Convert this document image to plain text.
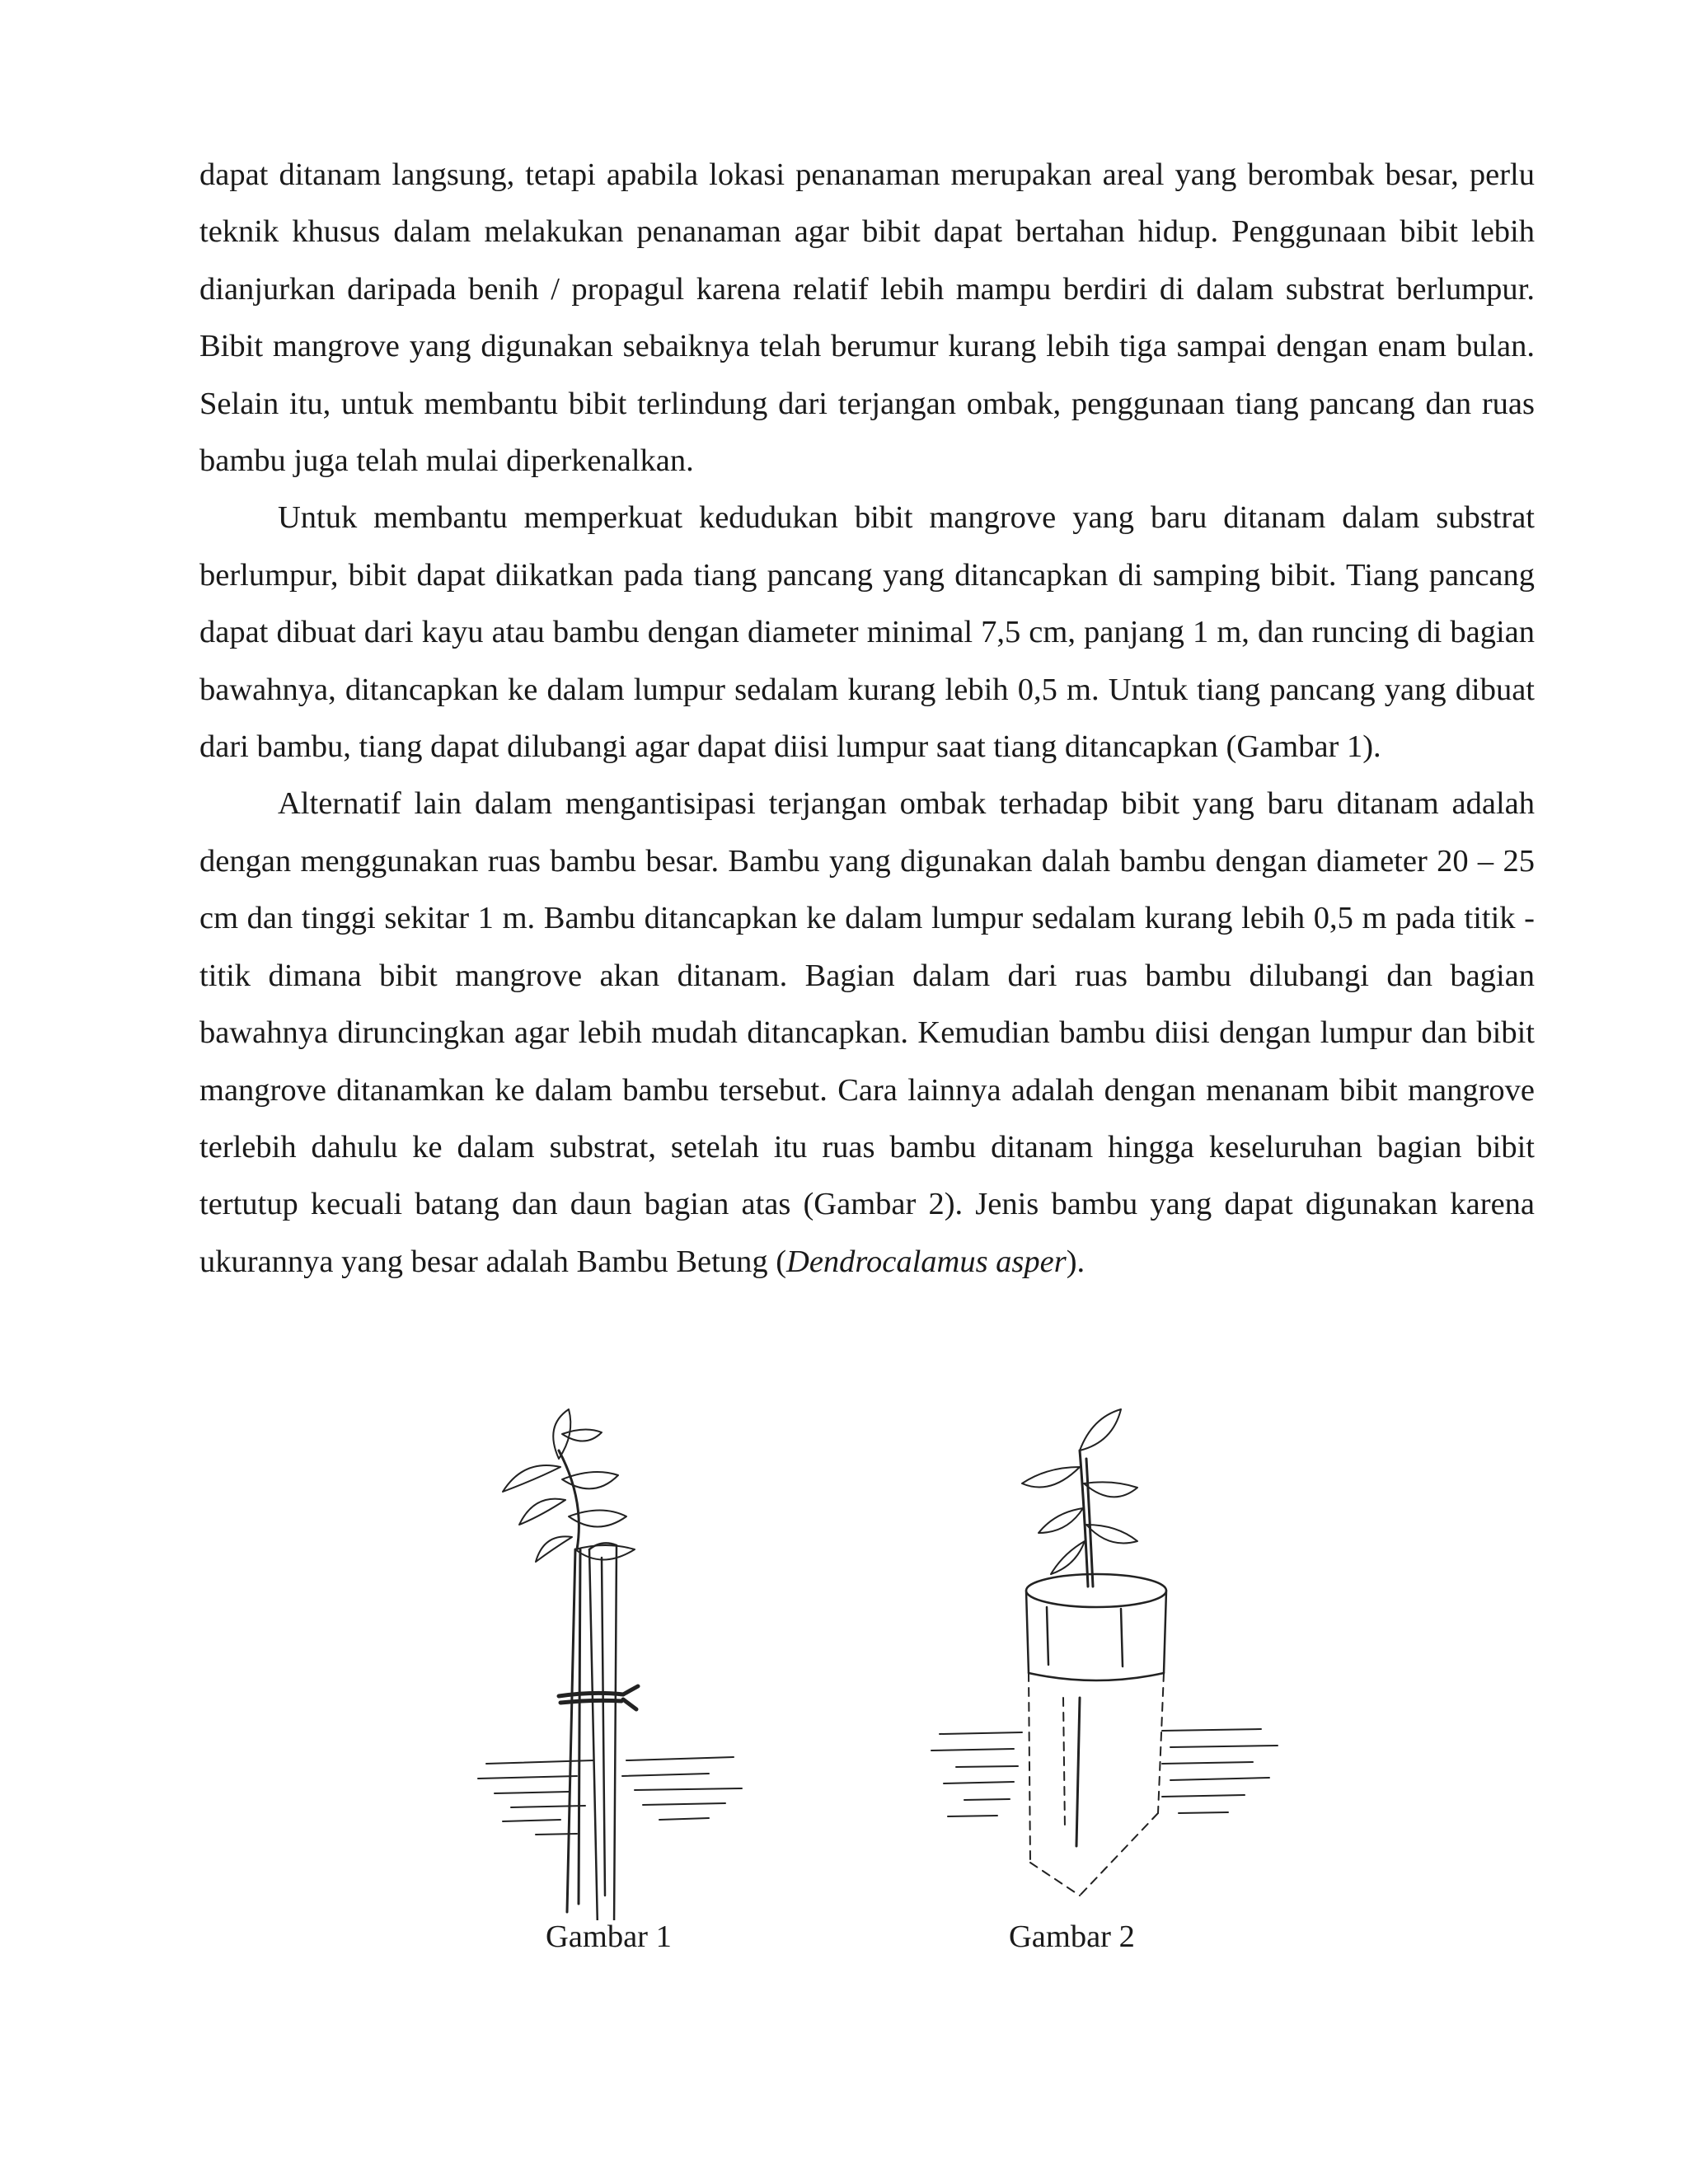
dapat ditanam langsung, tetapi apabila lokasi penanaman merupakan areal yang berombak besar, perlu teknik khusus dalam melakukan penanaman agar bibit dapat bertahan hidup. Penggunaan bibit lebih dianjurkan daripada benih / propagul karena relatif lebih mampu berdiri di dalam substrat berlumpur. Bibit mangrove yang digunakan sebaiknya telah berumur kurang lebih tiga sampai dengan enam bulan. Selain itu, untuk membantu bibit terlindung dari terjangan ombak, penggunaan tiang pancang dan ruas bambu juga telah mulai diperkenalkan.

Untuk membantu memperkuat kedudukan bibit mangrove yang baru ditanam dalam substrat berlumpur, bibit dapat diikatkan pada tiang pancang yang ditancapkan di samping bibit. Tiang pancang dapat dibuat dari kayu atau bambu dengan diameter minimal 7,5 cm, panjang 1 m, dan runcing di bagian bawahnya, ditancapkan ke dalam lumpur sedalam kurang lebih 0,5 m. Untuk tiang pancang yang dibuat dari bambu, tiang dapat dilubangi agar dapat diisi lumpur saat tiang ditancapkan (Gambar 1).

Alternatif lain dalam mengantisipasi terjangan ombak terhadap bibit yang baru ditanam adalah dengan menggunakan ruas bambu besar. Bambu yang digunakan dalah bambu dengan diameter 20 – 25 cm dan tinggi sekitar 1 m. Bambu ditancapkan ke dalam lumpur sedalam kurang lebih 0,5 m pada titik - titik dimana bibit mangrove akan ditanam. Bagian dalam dari ruas bambu dilubangi dan bagian bawahnya diruncingkan agar lebih mudah ditancapkan. Kemudian bambu diisi dengan lumpur dan bibit mangrove ditanamkan ke dalam bambu tersebut. Cara lainnya adalah dengan menanam bibit mangrove terlebih dahulu ke dalam substrat, setelah itu ruas bambu ditanam hingga keseluruhan bagian bibit tertutup kecuali batang dan daun bagian atas (Gambar 2). Jenis bambu yang dapat digunakan karena ukurannya yang besar adalah Bambu Betung (Dendrocalamus asper).

Gambar 1	Gambar 2
